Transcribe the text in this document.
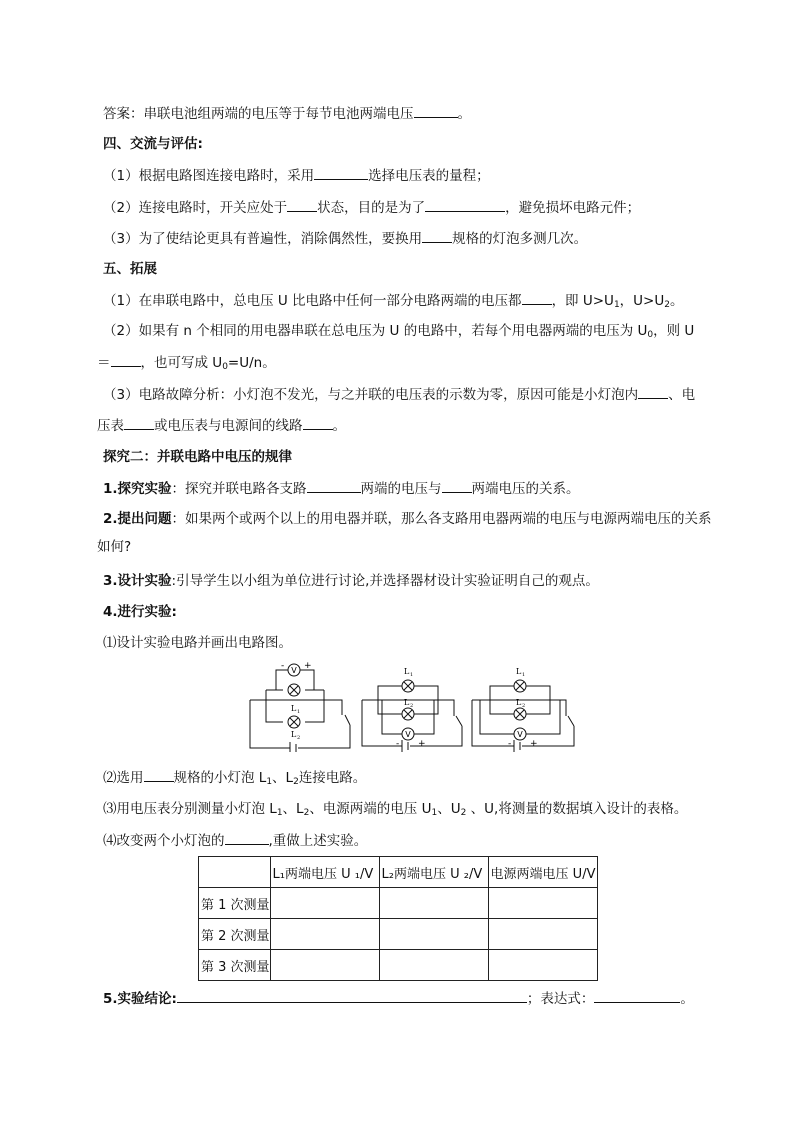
答案：串联电池组两端的电压等于每节电池两端电压	。
四、交流与评估:
（1）根据电路图连接电路时，采用	选择电压表的量程；
（2）连接电路时，开关应处于 状态，目的是为了	，避免损坏电路元件；
（3）为了使结论更具有普遍性，消除偶然性，要换用 规格的灯泡多测几次。
五、拓展
（1）在串联电路中，总电压 U 比电路中任何一部分电路两端的电压都 ，即 $U>U_1$，$U>U_2$。
（2）如果有 n 个相同的用电器串联在总电压为 U 的电路中，若每个用电器两端的电压为 $U_0$，则 U
＝ ，也可写成 $U_0=U/n$。
（3）电路故障分析：小灯泡不发光，与之并联的电压表的示数为零，原因可能是小灯泡内 、电
压表 或电压表与电源间的线路 。
探究二：并联电路中电压的规律
1.探究实验：探究并联电路各支路	两端的电压与 两端电压的关系。
2.提出问题：如果两个或两个以上的用电器并联，那么各支路用电器两端的电压与电源两端电压的关系
如何?
3.设计实验:引导学生以小组为单位进行讨论,并选择器材设计实验证明自己的观点。
4.进行实验:
⑴设计实验电路并画出电路图。
V
- +
L 1
L 2	V
L 1
L 2
- +
V
L 1
L 2
- +
⑵选用 规格的小灯泡 $L_1$、$L_2$连接电路。
⑶用电压表分别测量小灯泡 $L_1$、$L_2$、电源两端的电压 $U_1$、$U_2$ 、U,将测量的数据填入设计的表格。
⑷改变两个小灯泡的	,重做上述实验。
	L₁两端电压 U ₁/V	L₂两端电压 U ₂/V	电源两端电压 U/V
第 1 次测量			
第 2 次测量			
第 3 次测量			
5.实验结论:	；表达式：	。
